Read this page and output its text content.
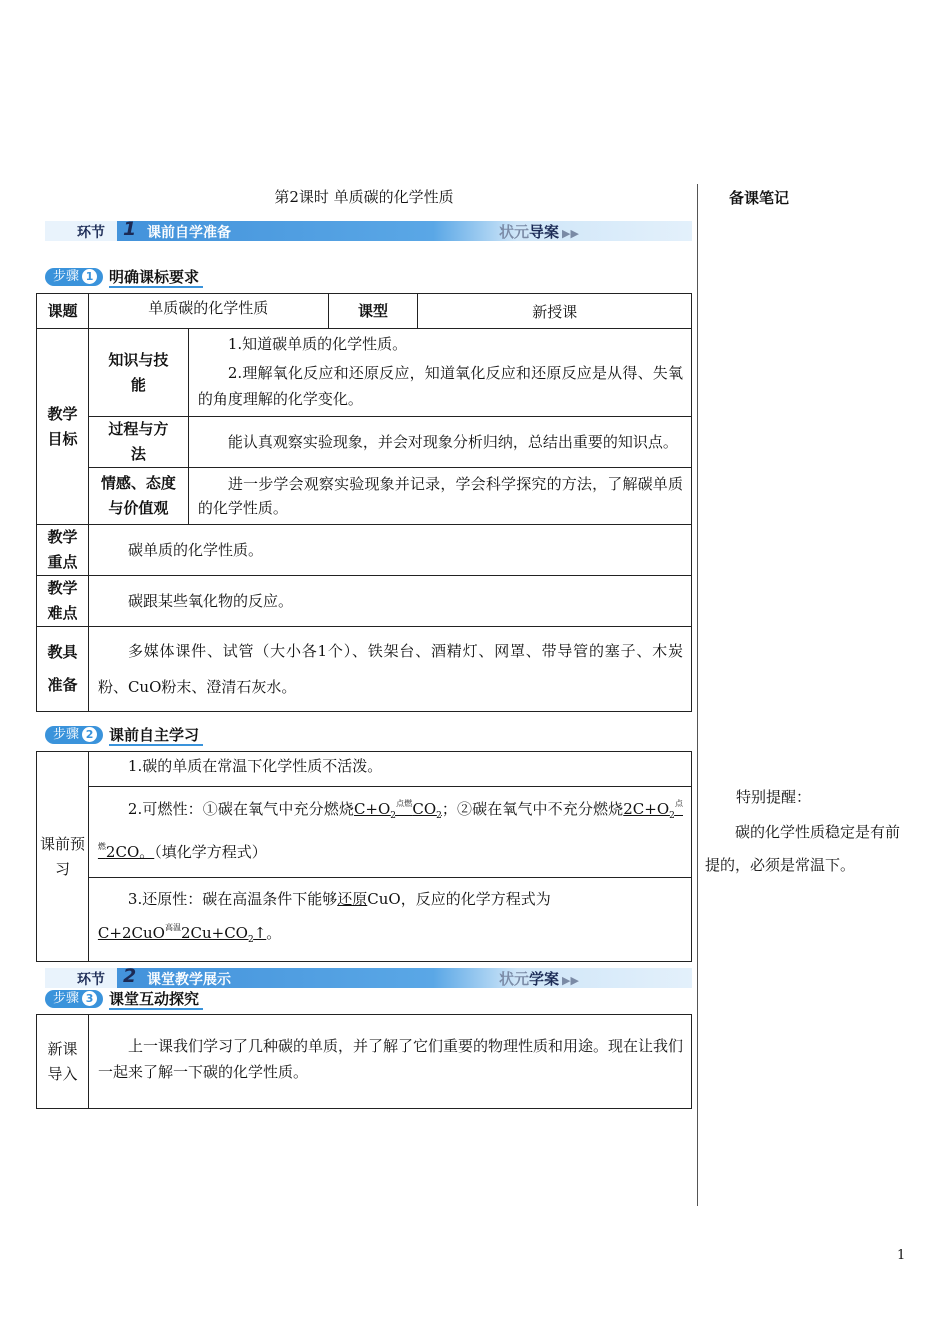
第2课时 单质碳的化学性质	备课笔记
环节 1 课前自学准备	状元导案 ▶▶
步骤 1 明确课标要求
课题	单质碳的化学性质		课型	新授课
教学目标	知识与技能	1.知道碳单质的化学性质。
2.理解氧化反应和还原反应，知道氧化反应和还原反应是从得、失氧的角度理解的化学变化。		

	过程与方法	能认真观察实验现象，并会对现象分析归纳，总结出重要的知识点。		
	情感、态度与价值观	进一步学会观察实验现象并记录，学会科学探究的方法，了解碳单质的化学性质。		
教学重点	碳单质的化学性质。			
教学难点	碳跟某些氧化物的反应。			
教具准备	多媒体课件、试管（大小各1个）、铁架台、酒精灯、网罩、带导管的塞子、木炭粉、CuO粉末、澄清石灰水。			
步骤 2 课前自主学习
课前预习	1.碳的单质在常温下化学性质不活泼。
2.可燃性：①碳在氧气中充分燃烧$C+O_2^{点燃}CO_2$；②碳在氧气中不充分燃烧$2C+O_2^{点燃}2CO$。（填化学方程式）
3.还原性：碳在高温条件下能够还原CuO，反应的化学方程式为
$C+2CuO^{高温}2Cu+CO_2↑$。
环节 2 课堂教学展示	状元学案 ▶▶
步骤 3 课堂互动探究
新课导入	上一课我们学习了几种碳的单质，并了解了它们重要的物理性质和用途。现在让我们一起来了解一下碳的化学性质。
特别提醒：
碳的化学性质稳定是有前提的，必须是常温下。
1
